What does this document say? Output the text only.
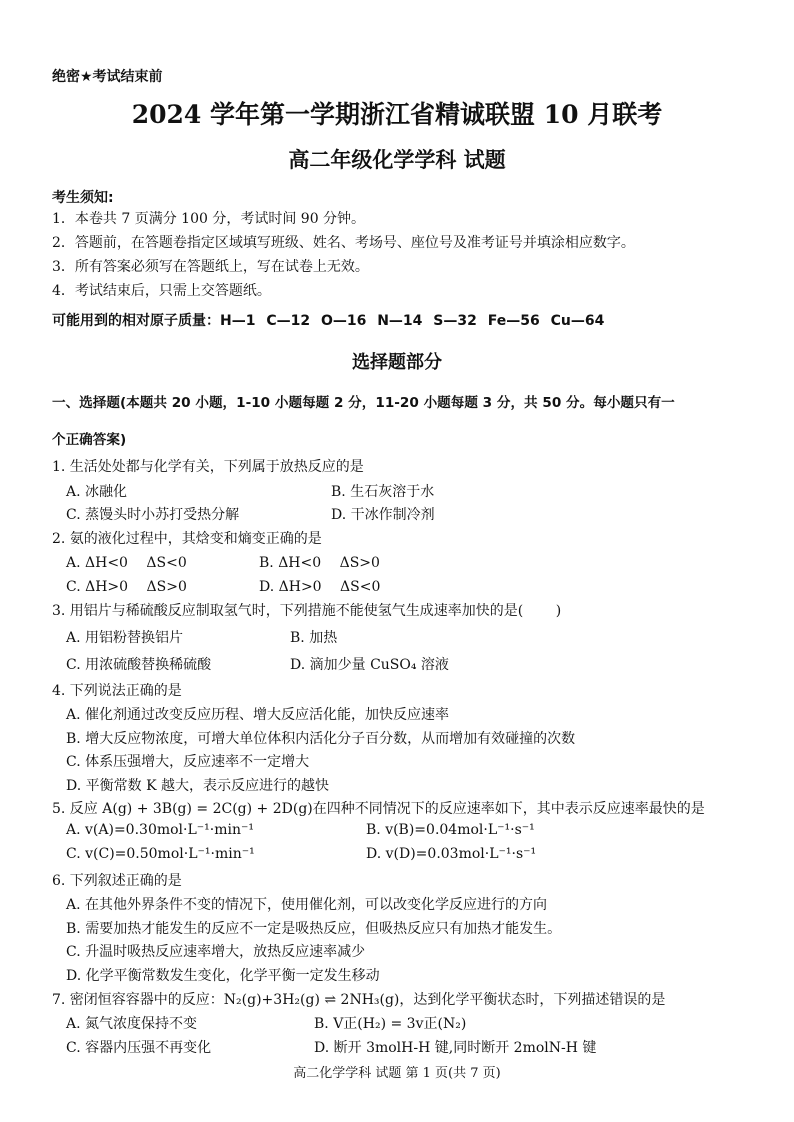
绝密★考试结束前
2024 学年第一学期浙江省精诚联盟 10 月联考
高二年级化学学科 试题
考生须知:
1．本卷共 7 页满分 100 分，考试时间 90 分钟。
2．答题前，在答题卷指定区域填写班级、姓名、考场号、座位号及准考证号并填涂相应数字。
3．所有答案必须写在答题纸上，写在试卷上无效。
4．考试结束后，只需上交答题纸。
可能用到的相对原子质量：H—1 C—12 O—16 N—14 S—32 Fe—56 Cu—64
选择题部分
一、选择题(本题共 20 小题，1-10 小题每题 2 分，11-20 小题每题 3 分，共 50 分。每小题只有一
个正确答案)
1. 生活处处都与化学有关，下列属于放热反应的是
A. 冰融化	B. 生石灰溶于水
C. 蒸馒头时小苏打受热分解	D. 干冰作制冷剂
2. 氨的液化过程中，其焓变和熵变正确的是
A. ΔH<0　 ΔS<0	B. ΔH<0　 ΔS>0
C. ΔH>0　 ΔS>0	D. ΔH>0　 ΔS<0
3. 用铝片与稀硫酸反应制取氢气时，下列措施不能使氢气生成速率加快的是(　　 )
A. 用铝粉替换铝片	B. 加热
C. 用浓硫酸替换稀硫酸	D. 滴加少量 CuSO₄ 溶液
4. 下列说法正确的是
A. 催化剂通过改变反应历程、增大反应活化能，加快反应速率
B. 增大反应物浓度，可增大单位体积内活化分子百分数，从而增加有效碰撞的次数
C. 体系压强增大，反应速率不一定增大
D. 平衡常数 K 越大，表示反应进行的越快
5. 反应 A(g) + 3B(g) = 2C(g) + 2D(g)在四种不同情况下的反应速率如下，其中表示反应速率最快的是
A. v(A)=0.30mol·L⁻¹·min⁻¹	B. v(B)=0.04mol·L⁻¹·s⁻¹
C. v(C)=0.50mol·L⁻¹·min⁻¹	D. v(D)=0.03mol·L⁻¹·s⁻¹
6. 下列叙述正确的是
A. 在其他外界条件不变的情况下，使用催化剂，可以改变化学反应进行的方向
B. 需要加热才能发生的反应不一定是吸热反应，但吸热反应只有加热才能发生。
C. 升温时吸热反应速率增大，放热反应速率减少
D. 化学平衡常数发生变化，化学平衡一定发生移动
7. 密闭恒容容器中的反应：N₂(g)+3H₂(g) ⇌ 2NH₃(g)，达到化学平衡状态时，下列描述错误的是
A. 氮气浓度保持不变	B. V正(H₂) = 3v正(N₂)
C. 容器内压强不再变化	D. 断开 3molH-H 键,同时断开 2molN-H 键
高二化学学科 试题 第 1 页(共 7 页)
